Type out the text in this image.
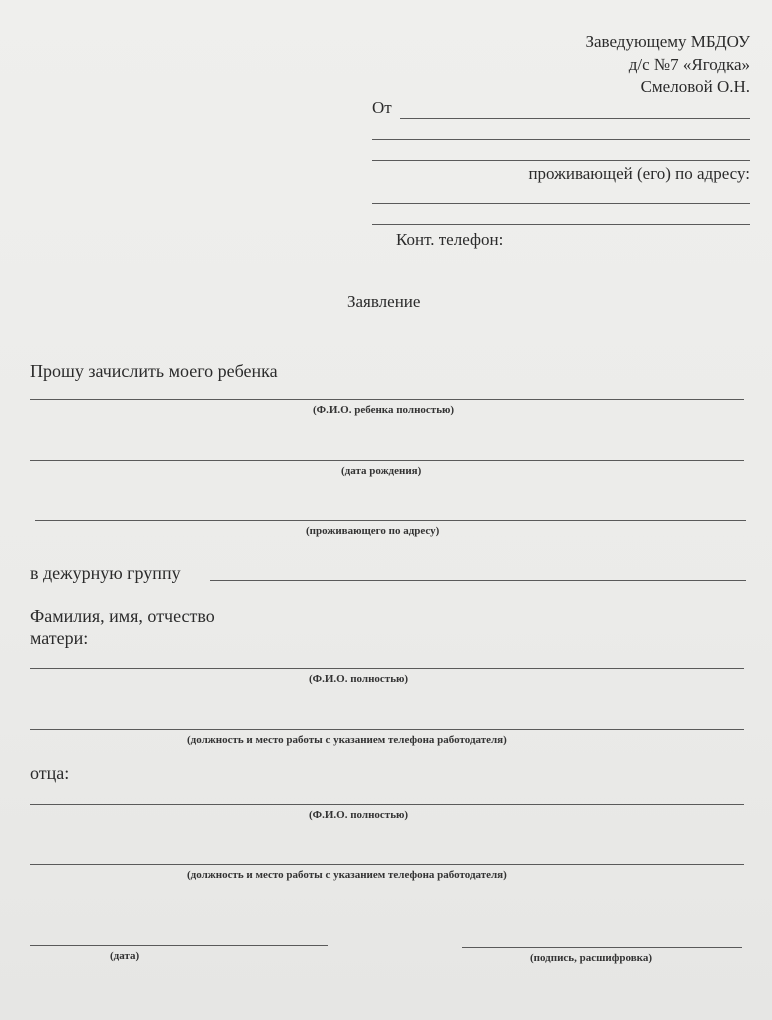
Заведующему МБДОУ
д/с №7 «Ягодка»
Смеловой О.Н.
От
проживающей (его) по адресу:
Конт. телефон:
Заявление
Прошу зачислить моего ребенка
(Ф.И.О. ребенка полностью)
(дата рождения)
(проживающего по адресу)
в дежурную группу
Фамилия, имя, отчество
матери:
(Ф.И.О. полностью)
(должность и место работы с указанием телефона работодателя)
отца:
(Ф.И.О. полностью)
(должность и место работы с указанием телефона работодателя)
(дата)	(подпись, расшифровка)
